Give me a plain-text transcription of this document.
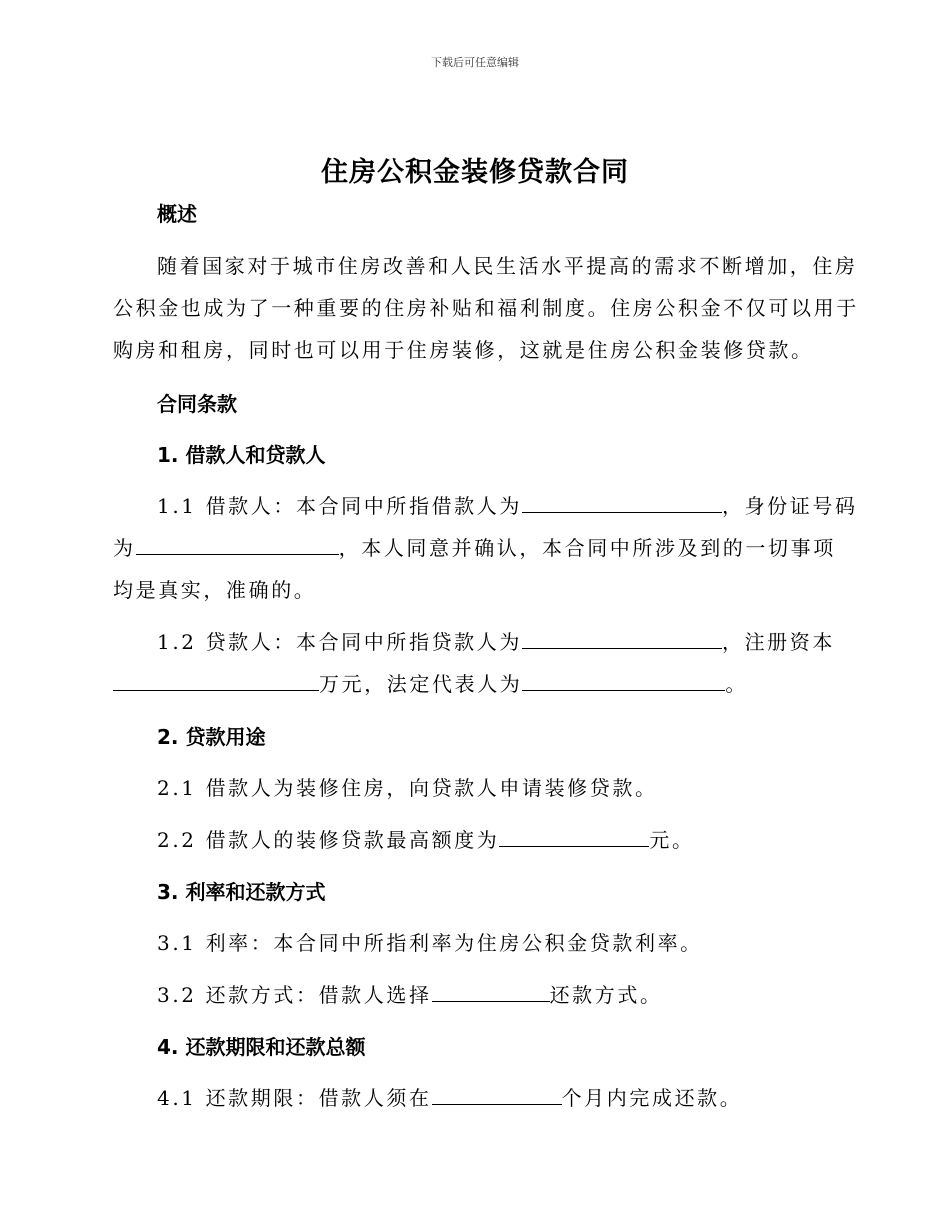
下载后可任意编辑
住房公积金装修贷款合同
概述
随着国家对于城市住房改善和人民生活水平提高的需求不断增加，住房
公积金也成为了一种重要的住房补贴和福利制度。住房公积金不仅可以用于
购房和租房，同时也可以用于住房装修，这就是住房公积金装修贷款。
合同条款
1. 借款人和贷款人
1.1 借款人：本合同中所指借款人为	，身份证号码
为	，本人同意并确认，本合同中所涉及到的一切事项
均是真实，准确的。
1.2 贷款人：本合同中所指贷款人为	，注册资本
万元，法定代表人为	。
2. 贷款用途
2.1 借款人为装修住房，向贷款人申请装修贷款。
2.2 借款人的装修贷款最高额度为	元。
3. 利率和还款方式
3.1 利率：本合同中所指利率为住房公积金贷款利率。
3.2 还款方式：借款人选择	还款方式。
4. 还款期限和还款总额
4.1 还款期限：借款人须在	个月内完成还款。
